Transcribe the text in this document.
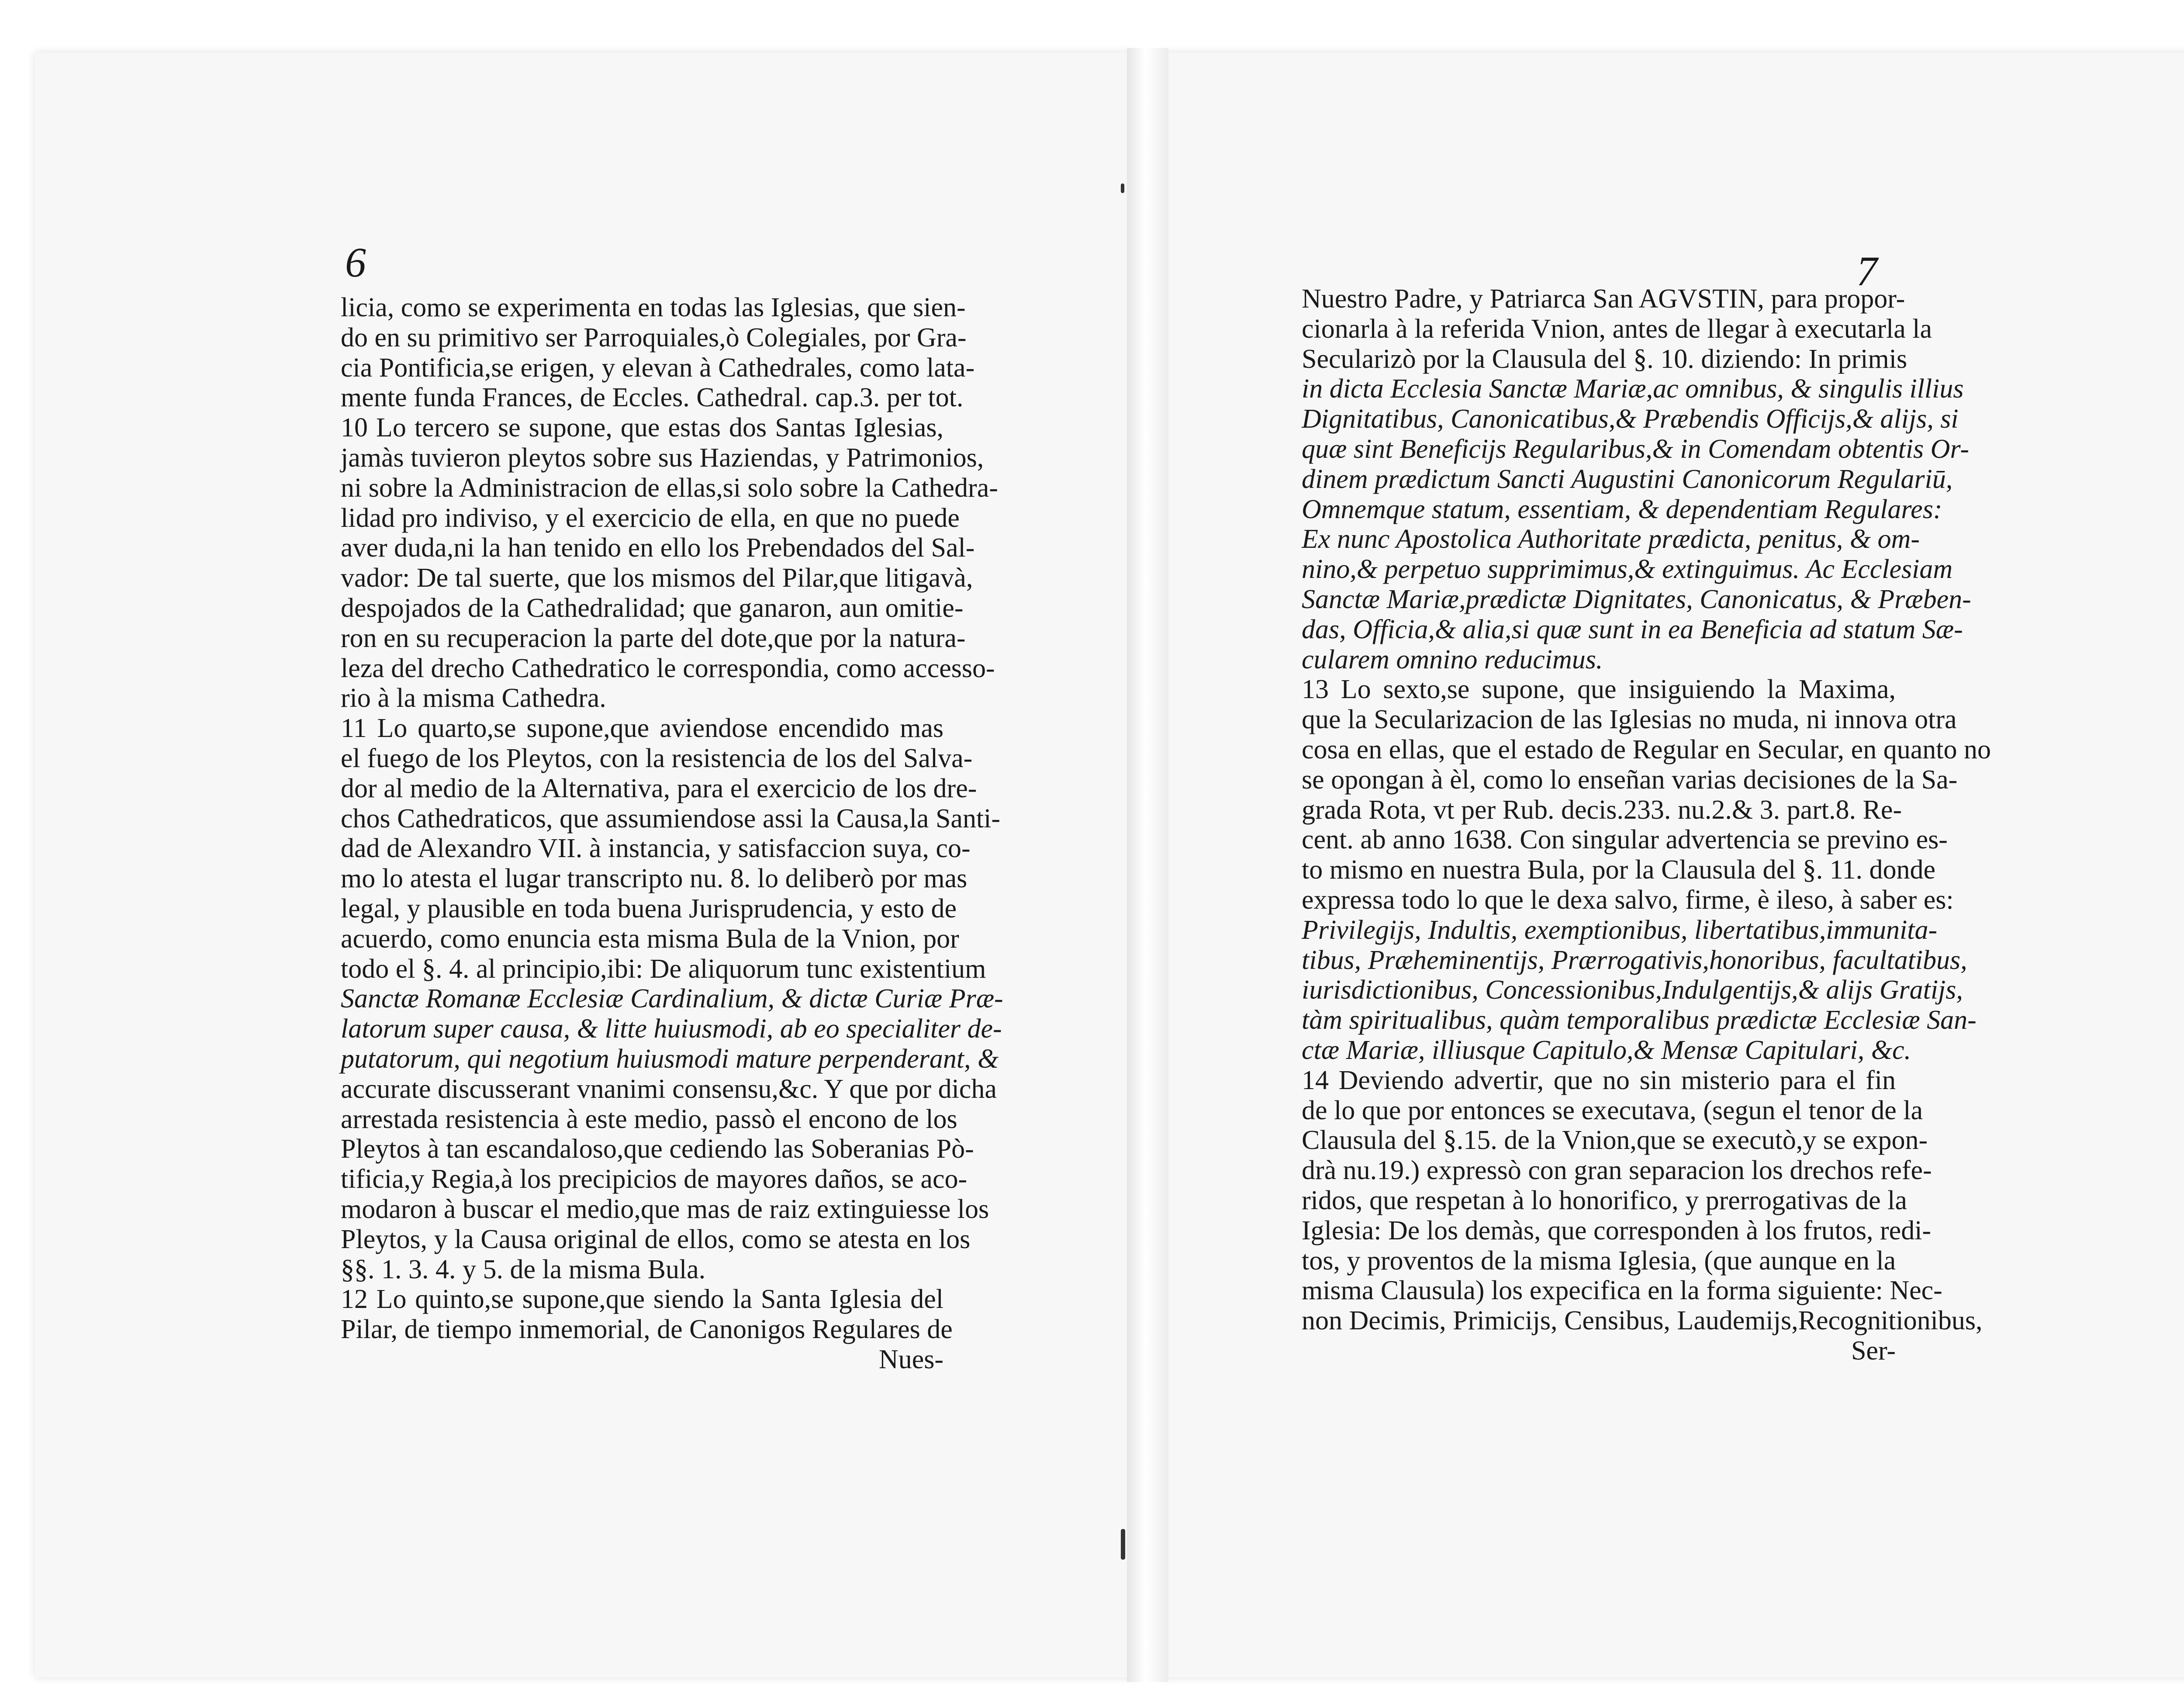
6
licia, como se experimenta en todas las Iglesias, que sien-
do en su primitivo ser Parroquiales,ò Colegiales, por Gra-
cia Pontificia,se erigen, y elevan à Cathedrales, como lata-
mente funda Frances, de Eccles. Cathedral. cap.3. per tot.
10 Lo tercero se supone, que estas dos Santas Iglesias,
jamàs tuvieron pleytos sobre sus Haziendas, y Patrimonios,
ni sobre la Administracion de ellas,si solo sobre la Cathedra-
lidad pro indiviso, y el exercicio de ella, en que no puede
aver duda,ni la han tenido en ello los Prebendados del Sal-
vador: De tal suerte, que los mismos del Pilar,que litigavà,
despojados de la Cathedralidad; que ganaron, aun omitie-
ron en su recuperacion la parte del dote,que por la natura-
leza del drecho Cathedratico le correspondia, como accesso-
rio à la misma Cathedra.
11 Lo quarto,se supone,que aviendose encendido mas
el fuego de los Pleytos, con la resistencia de los del Salva-
dor al medio de la Alternativa, para el exercicio de los dre-
chos Cathedraticos, que assumiendose assi la Causa,la Santi-
dad de Alexandro VII. à instancia, y satisfaccion suya, co-
mo lo atesta el lugar transcripto nu. 8. lo deliberò por mas
legal, y plausible en toda buena Jurisprudencia, y esto de
acuerdo, como enuncia esta misma Bula de la Vnion, por
todo el §. 4. al principio,ibi: De aliquorum tunc existentium
Sanctæ Romanæ Ecclesiæ Cardinalium, & dictæ Curiæ Præ-
latorum super causa, & litte huiusmodi, ab eo specialiter de-
putatorum, qui negotium huiusmodi mature perpenderant, &
accurate discusserant vnanimi consensu,&c. Y que por dicha
arrestada resistencia à este medio, passò el encono de los
Pleytos à tan escandaloso,que cediendo las Soberanias Pò-
tificia,y Regia,à los precipicios de mayores daños, se aco-
modaron à buscar el medio,que mas de raiz extinguiesse los
Pleytos, y la Causa original de ellos, como se atesta en los
§§. 1. 3. 4. y 5. de la misma Bula.
12 Lo quinto,se supone,que siendo la Santa Iglesia del
Pilar, de tiempo inmemorial, de Canonigos Regulares de
Nues-
7
Nuestro Padre, y Patriarca San AGVSTIN, para propor-
cionarla à la referida Vnion, antes de llegar à executarla la
Secularizò por la Clausula del §. 10. diziendo: In primis
in dicta Ecclesia Sanctæ Mariæ,ac omnibus, & singulis illius
Dignitatibus, Canonicatibus,& Præbendis Officijs,& alijs, si
quæ sint Beneficijs Regularibus,& in Comendam obtentis Or-
dinem prædictum Sancti Augustini Canonicorum Regulariū,
Omnemque statum, essentiam, & dependentiam Regulares:
Ex nunc Apostolica Authoritate prædicta, penitus, & om-
nino,& perpetuo supprimimus,& extinguimus. Ac Ecclesiam
Sanctæ Mariæ,prædictæ Dignitates, Canonicatus, & Præben-
das, Officia,& alia,si quæ sunt in ea Beneficia ad statum Sæ-
cularem omnino reducimus.
13 Lo sexto,se supone, que insiguiendo la Maxima,
que la Secularizacion de las Iglesias no muda, ni innova otra
cosa en ellas, que el estado de Regular en Secular, en quanto no
se opongan à èl, como lo enseñan varias decisiones de la Sa-
grada Rota, vt per Rub. decis.233. nu.2.& 3. part.8. Re-
cent. ab anno 1638. Con singular advertencia se previno es-
to mismo en nuestra Bula, por la Clausula del §. 11. donde
expressa todo lo que le dexa salvo, firme, è ileso, à saber es:
Privilegijs, Indultis, exemptionibus, libertatibus,immunita-
tibus, Præheminentijs, Prærrogativis,honoribus, facultatibus,
iurisdictionibus, Concessionibus,Indulgentijs,& alijs Gratijs,
tàm spiritualibus, quàm temporalibus prædictæ Ecclesiæ San-
ctæ Mariæ, illiusque Capitulo,& Mensæ Capitulari, &c.
14 Deviendo advertir, que no sin misterio para el fin
de lo que por entonces se executava, (segun el tenor de la
Clausula del §.15. de la Vnion,que se executò,y se expon-
drà nu.19.) expressò con gran separacion los drechos refe-
ridos, que respetan à lo honorifico, y prerrogativas de la
Iglesia: De los demàs, que corresponden à los frutos, redi-
tos, y proventos de la misma Iglesia, (que aunque en la
misma Clausula) los expecifica en la forma siguiente: Nec-
non Decimis, Primicijs, Censibus, Laudemijs,Recognitionibus,
Ser-
